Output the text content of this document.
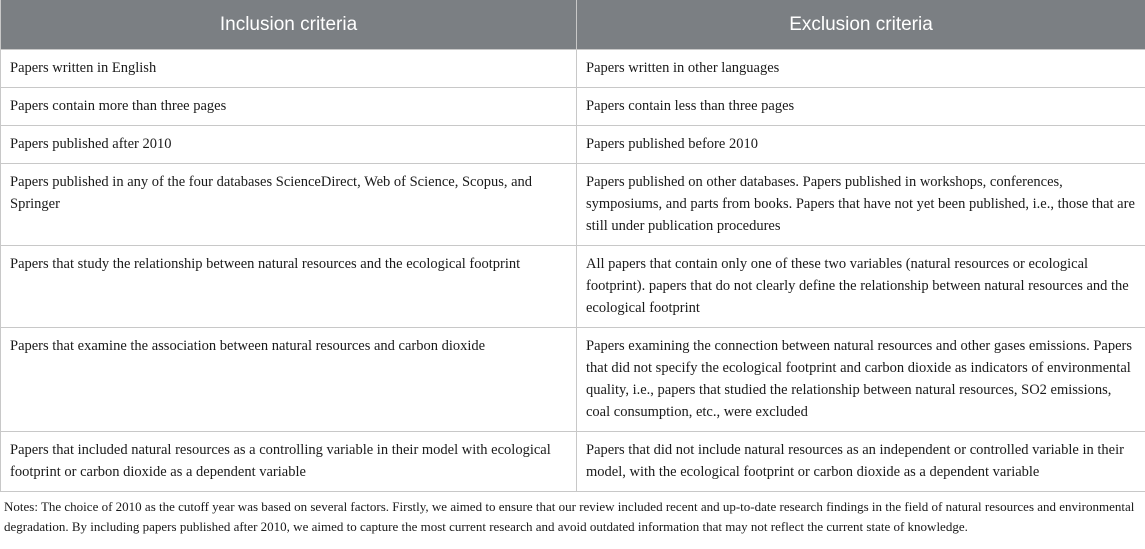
Inclusion criteria	Exclusion criteria
Papers written in English	Papers written in other languages
Papers contain more than three pages	Papers contain less than three pages
Papers published after 2010	Papers published before 2010
Papers published in any of the four databases ScienceDirect, Web of Science, Scopus, and Springer	Papers published on other databases. Papers published in workshops, conferences, symposiums, and parts from books. Papers that have not yet been published, i.e., those that are still under publication procedures
Papers that study the relationship between natural resources and the ecological footprint	All papers that contain only one of these two variables (natural resources or ecological footprint). papers that do not clearly define the relationship between natural resources and the ecological footprint
Papers that examine the association between natural resources and carbon dioxide	Papers examining the connection between natural resources and other gases emissions. Papers that did not specify the ecological footprint and carbon dioxide as indicators of environmental quality, i.e., papers that studied the relationship between natural resources, SO2 emissions, coal consumption, etc., were excluded
Papers that included natural resources as a controlling variable in their model with ecological footprint or carbon dioxide as a dependent variable	Papers that did not include natural resources as an independent or controlled variable in their model, with the ecological footprint or carbon dioxide as a dependent variable
Notes: The choice of 2010 as the cutoff year was based on several factors. Firstly, we aimed to ensure that our review included recent and up-to-date research findings in the field of natural resources and environmental degradation. By including papers published after 2010, we aimed to capture the most current research and avoid outdated information that may not reflect the current state of knowledge.
